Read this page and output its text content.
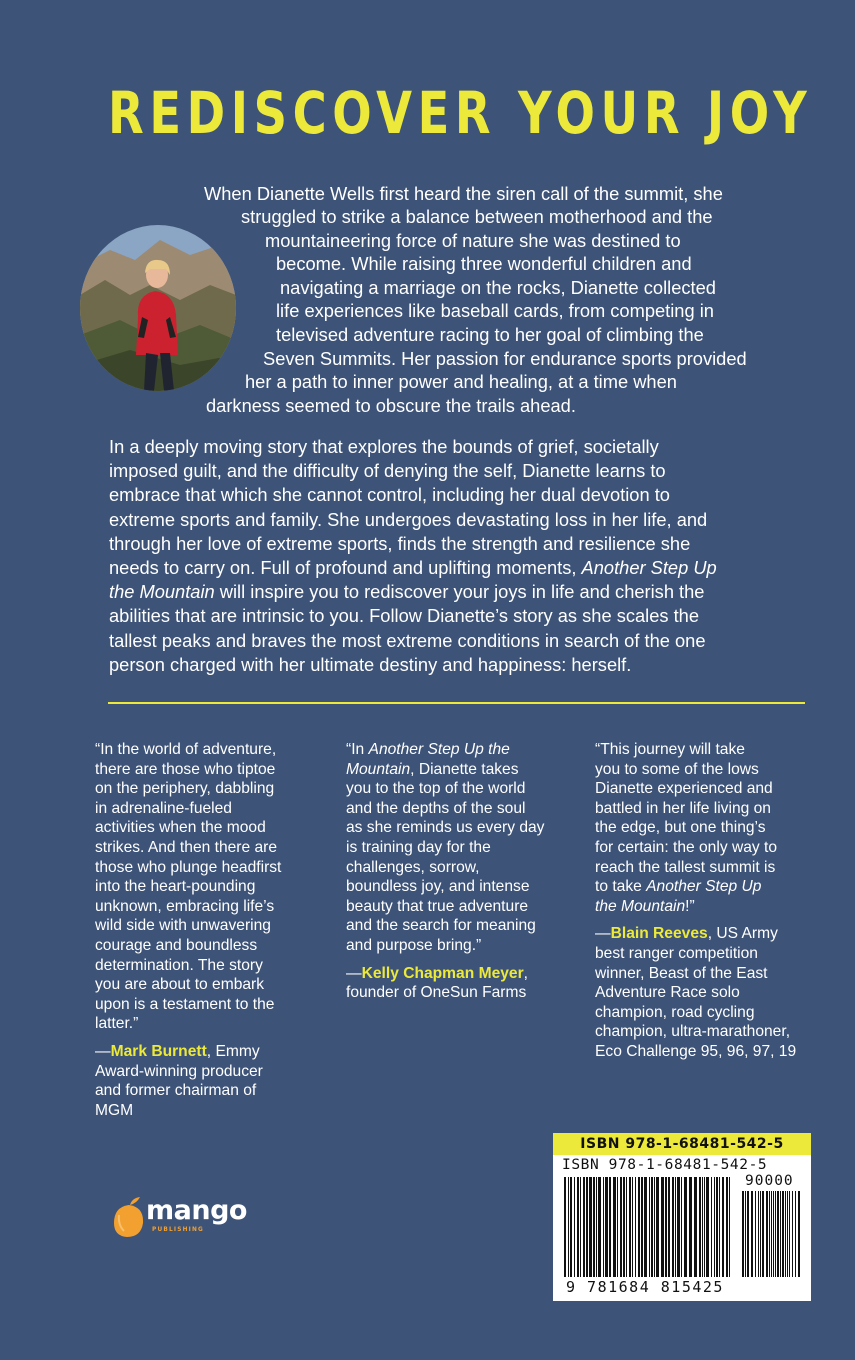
REDISCOVER YOUR JOY
When Dianette Wells first heard the siren call of the summit, she
struggled to strike a balance between motherhood and the
mountaineering force of nature she was destined to
become. While raising three wonderful children and
navigating a marriage on the rocks, Dianette collected
life experiences like baseball cards, from competing in
televised adventure racing to her goal of climbing the
Seven Summits. Her passion for endurance sports provided
her a path to inner power and healing, at a time when
darkness seemed to obscure the trails ahead.
In a deeply moving story that explores the bounds of grief, societally
imposed guilt, and the difficulty of denying the self, Dianette learns to
embrace that which she cannot control, including her dual devotion to
extreme sports and family. She undergoes devastating loss in her life, and
through her love of extreme sports, finds the strength and resilience she
needs to carry on. Full of profound and uplifting moments, Another Step Up
the Mountain will inspire you to rediscover your joys in life and cherish the
abilities that are intrinsic to you. Follow Dianette’s story as she scales the
tallest peaks and braves the most extreme conditions in search of the one
person charged with her ultimate destiny and happiness: herself.
“In the world of adventure,
there are those who tiptoe
on the periphery, dabbling
in adrenaline-fueled
activities when the mood
strikes. And then there are
those who plunge headfirst
into the heart-pounding
unknown, embracing life’s
wild side with unwavering
courage and boundless
determination. The story
you are about to embark
upon is a testament to the
latter.”
—Mark Burnett, Emmy
Award-winning producer
and former chairman of
MGM
“In Another Step Up the
Mountain, Dianette takes
you to the top of the world
and the depths of the soul
as she reminds us every day
is training day for the
challenges, sorrow,
boundless joy, and intense
beauty that true adventure
and the search for meaning
and purpose bring.”
—Kelly Chapman Meyer,
founder of OneSun Farms
“This journey will take
you to some of the lows
Dianette experienced and
battled in her life living on
the edge, but one thing’s
for certain: the only way to
reach the tallest summit is
to take Another Step Up
the Mountain!”
—Blain Reeves, US Army
best ranger competition
winner, Beast of the East
Adventure Race solo
champion, road cycling
champion, ultra-marathoner,
Eco Challenge 95, 96, 97, 19
mango
PUBLISHING
ISBN 978-1-68481-542-5
ISBN 978-1-68481-542-5
90000
9 781684 815425
